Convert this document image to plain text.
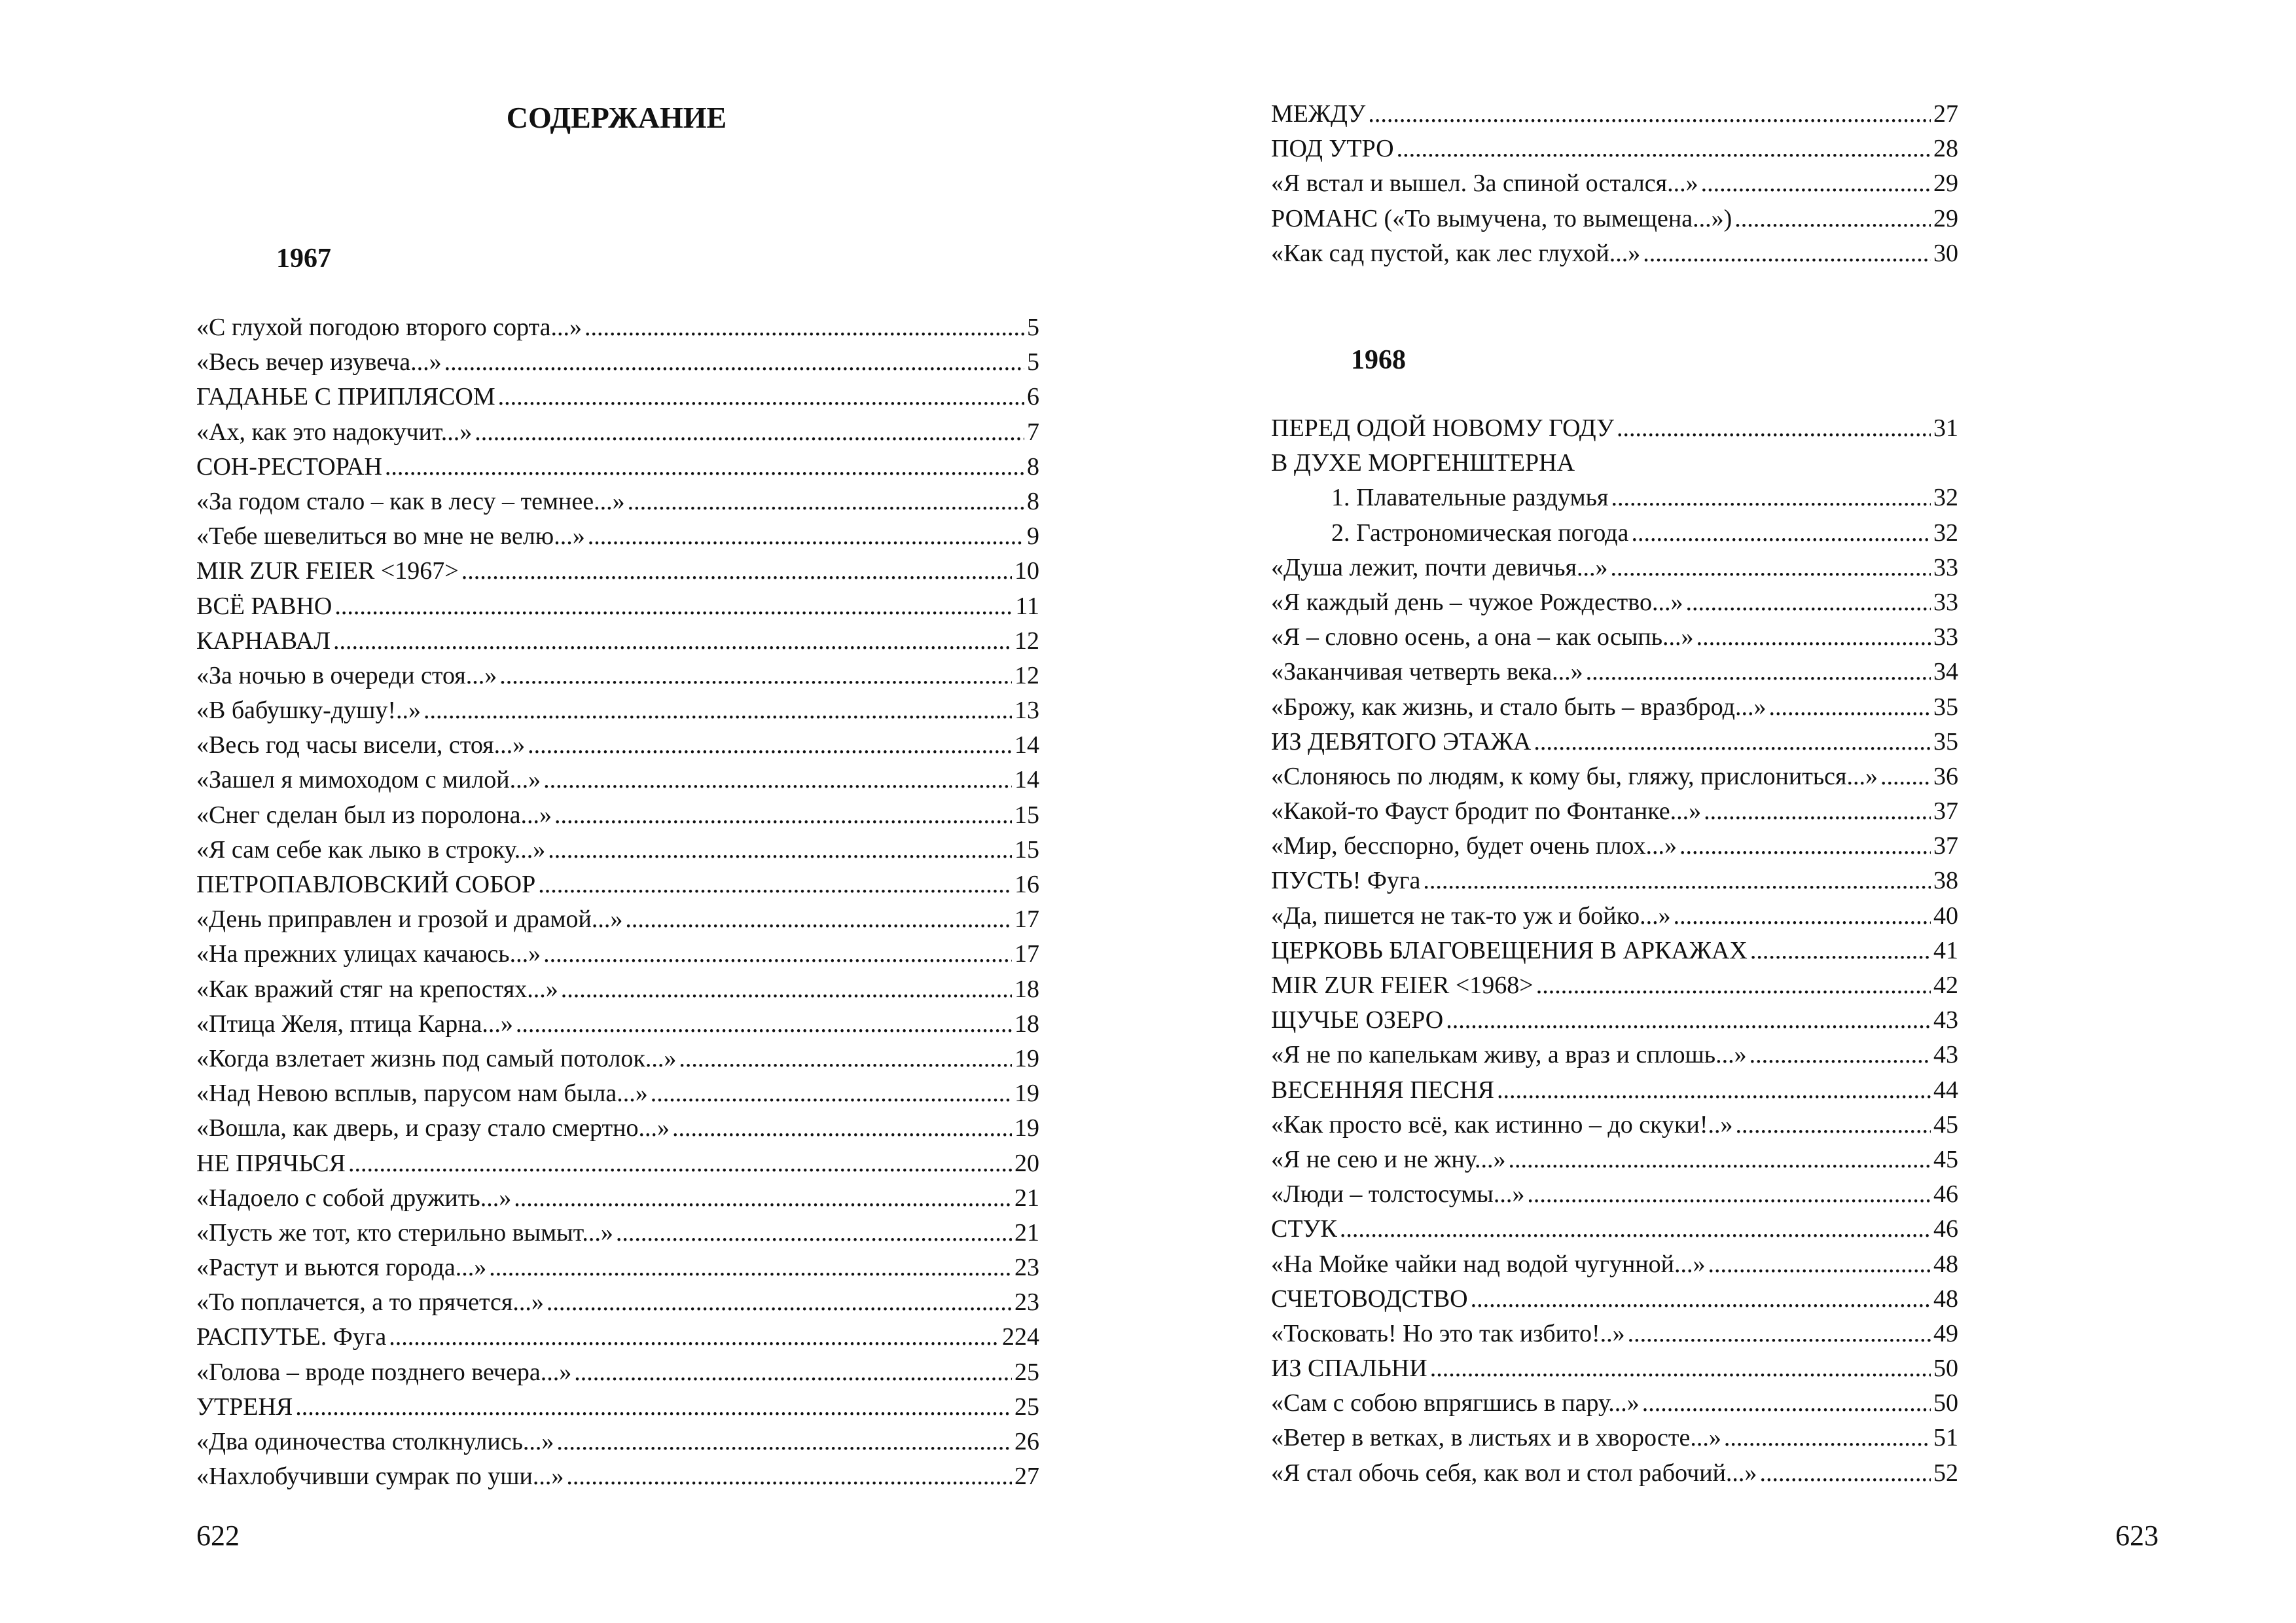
СОДЕРЖАНИЕ
1967
«С глухой погодою второго сорта...» .....	5
«Весь вечер изувеча...» .....	5
ГАДАНЬЕ С ПРИПЛЯСОМ .....	6
«Ах, как это надокучит...» .....	7
СОН-РЕСТОРАН .....	8
«За годом стало – как в лесу – темнее...» .....	8
«Тебе шевелиться во мне не велю...» .....	9
MIR ZUR FEIER <1967> .....	10
ВСЁ РАВНО .....	11
КАРНАВАЛ .....	12
«За ночью в очереди стоя...» .....	12
«В бабушку-душу!..» .....	13
«Весь год часы висели, стоя...» .....	14
«Зашел я мимоходом с милой...» .....	14
«Снег сделан был из поролона...» .....	15
«Я сам себе как лыко в строку...» .....	15
ПЕТРОПАВЛОВСКИЙ СОБОР .....	16
«День приправлен и грозой и драмой...» .....	17
«На прежних улицах качаюсь...» .....	17
«Как вражий стяг на крепостях...» .....	18
«Птица Желя, птица Карна...» .....	18
«Когда взлетает жизнь под самый потолок...» .....	19
«Над Невою всплыв, парусом нам была...» .....	19
«Вошла, как дверь, и сразу стало смертно...» .....	19
НЕ ПРЯЧЬСЯ .....	20
«Надоело с собой дружить...» .....	21
«Пусть же тот, кто стерильно вымыт...» .....	21
«Растут и вьются города...» .....	23
«То поплачется, а то прячется...» .....	23
РАСПУТЬЕ. Фуга .....	224
«Голова – вроде позднего вечера...» .....	25
УТРЕНЯ .....	25
«Два одиночества столкнулись...» .....	26
«Нахлобучивши сумрак по уши...» .....	27
622
МЕЖДУ .....	27
ПОД УТРО .....	28
«Я встал и вышел. За спиной остался...» .....	29
РОМАНС («То вымучена, то вымещена...») .....	29
«Как сад пустой, как лес глухой...» .....	30
1968
ПЕРЕД ОДОЙ НОВОМУ ГОДУ .....	31
В ДУХЕ МОРГЕНШТЕРНА
1. Плавательные раздумья .....	32
2. Гастрономическая погода .....	32
«Душа лежит, почти девичья...» .....	33
«Я каждый день – чужое Рождество...» .....	33
«Я – словно осень, а она – как осыпь...» .....	33
«Заканчивая четверть века...» .....	34
«Брожу, как жизнь, и стало быть – вразброд...» .....	35
ИЗ ДЕВЯТОГО ЭТАЖА .....	35
«Слоняюсь по людям, к кому бы, гляжу, прислониться...» ..... 36
«Какой-то Фауст бродит по Фонтанке...» .....	37
«Мир, бесспорно, будет очень плох...» .....	37
ПУСТЬ! Фуга .....	38
«Да, пишется не так-то уж и бойко...» .....	40
ЦЕРКОВЬ БЛАГОВЕЩЕНИЯ В АРКАЖАХ .....	41
MIR ZUR FEIER <1968> .....	42
ЩУЧЬЕ ОЗЕРО .....	43
«Я не по капелькам живу, а враз и сплошь...» .....	43
ВЕСЕННЯЯ ПЕСНЯ .....	44
«Как просто всё, как истинно – до скуки!..» .....	45
«Я не сею и не жну...» .....	45
«Люди – толстосумы...» .....	46
СТУК .....	46
«На Мойке чайки над водой чугунной...» .....	48
СЧЕТОВОДСТВО .....	48
«Тосковать! Но это так избито!..» .....	49
ИЗ СПАЛЬНИ .....	50
«Сам с собою впрягшись в пару...» .....	50
«Ветер в ветках, в листьях и в хворосте...» .....	51
«Я стал обочь себя, как вол и стол рабочий...» .....	52
623
